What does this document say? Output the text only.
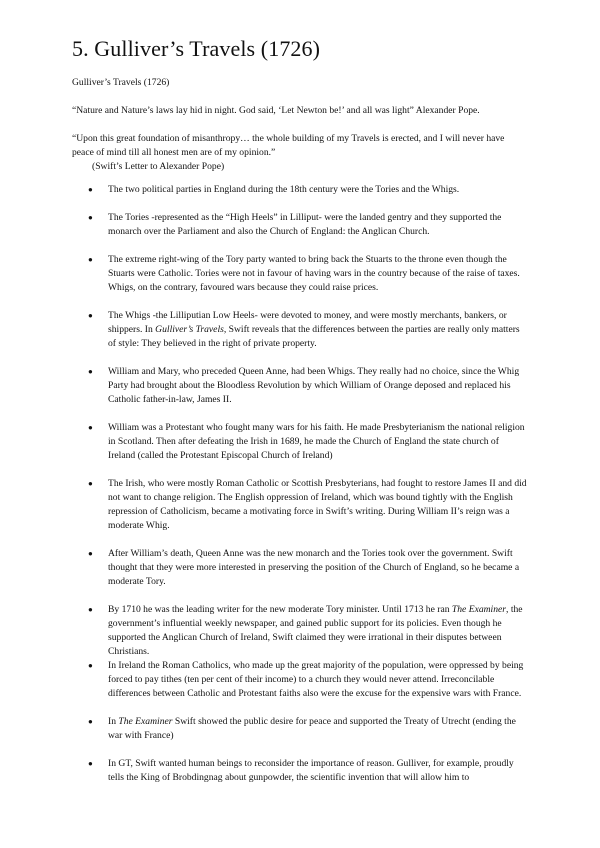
5. Gulliver’s Travels (1726)

Gulliver’s Travels (1726)

“Nature and Nature’s laws lay hid in night. God said, ‘Let Newton be!’ and all was light” Alexander Pope.

“Upon this great foundation of misanthropy… the whole building of my Travels is erected, and I will never have peace of mind till all honest men are of my opinion.”

(Swift’s Letter to Alexander Pope)

● The two political parties in England during the 18th century were the Tories and the Whigs.
● The Tories -represented as the “High Heels” in Lilliput- were the landed gentry and they supported the monarch over the Parliament and also the Church of England: the Anglican Church.
● The extreme right-wing of the Tory party wanted to bring back the Stuarts to the throne even though the Stuarts were Catholic. Tories were not in favour of having wars in the country because of the raise of taxes. Whigs, on the contrary, favoured wars because they could raise prices.
● The Whigs -the Lilliputian Low Heels- were devoted to money, and were mostly merchants, bankers, or shippers. In Gulliver’s Travels, Swift reveals that the differences between the parties are really only matters of style: They believed in the right of private property.
● William and Mary, who preceded Queen Anne, had been Whigs. They really had no choice, since the Whig Party had brought about the Bloodless Revolution by which William of Orange deposed and replaced his Catholic father-in-law, James II.
● William was a Protestant who fought many wars for his faith. He made Presbyterianism the national religion in Scotland. Then after defeating the Irish in 1689, he made the Church of England the state church of Ireland (called the Protestant Episcopal Church of Ireland)
● The Irish, who were mostly Roman Catholic or Scottish Presbyterians, had fought to restore James II and did not want to change religion. The English oppression of Ireland, which was bound tightly with the English repression of Catholicism, became a motivating force in Swift’s writing. During William II’s reign was a moderate Whig.
● After William’s death, Queen Anne was the new monarch and the Tories took over the government. Swift thought that they were more interested in preserving the position of the Church of England, so he became a moderate Tory.
● By 1710 he was the leading writer for the new moderate Tory minister. Until 1713 he ran The Examiner, the government’s influential weekly newspaper, and gained public support for its policies. Even though he supported the Anglican Church of Ireland, Swift claimed they were irrational in their disputes between Christians.
● In Ireland the Roman Catholics, who made up the great majority of the population, were oppressed by being forced to pay tithes (ten per cent of their income) to a church they would never attend. Irreconcilable differences between Catholic and Protestant faiths also were the excuse for the expensive wars with France.
● In The Examiner Swift showed the public desire for peace and supported the Treaty of Utrecht (ending the war with France)
● In GT, Swift wanted human beings to reconsider the importance of reason. Gulliver, for example, proudly tells the King of Brobdingnag about gunpowder, the scientific invention that will allow him to
